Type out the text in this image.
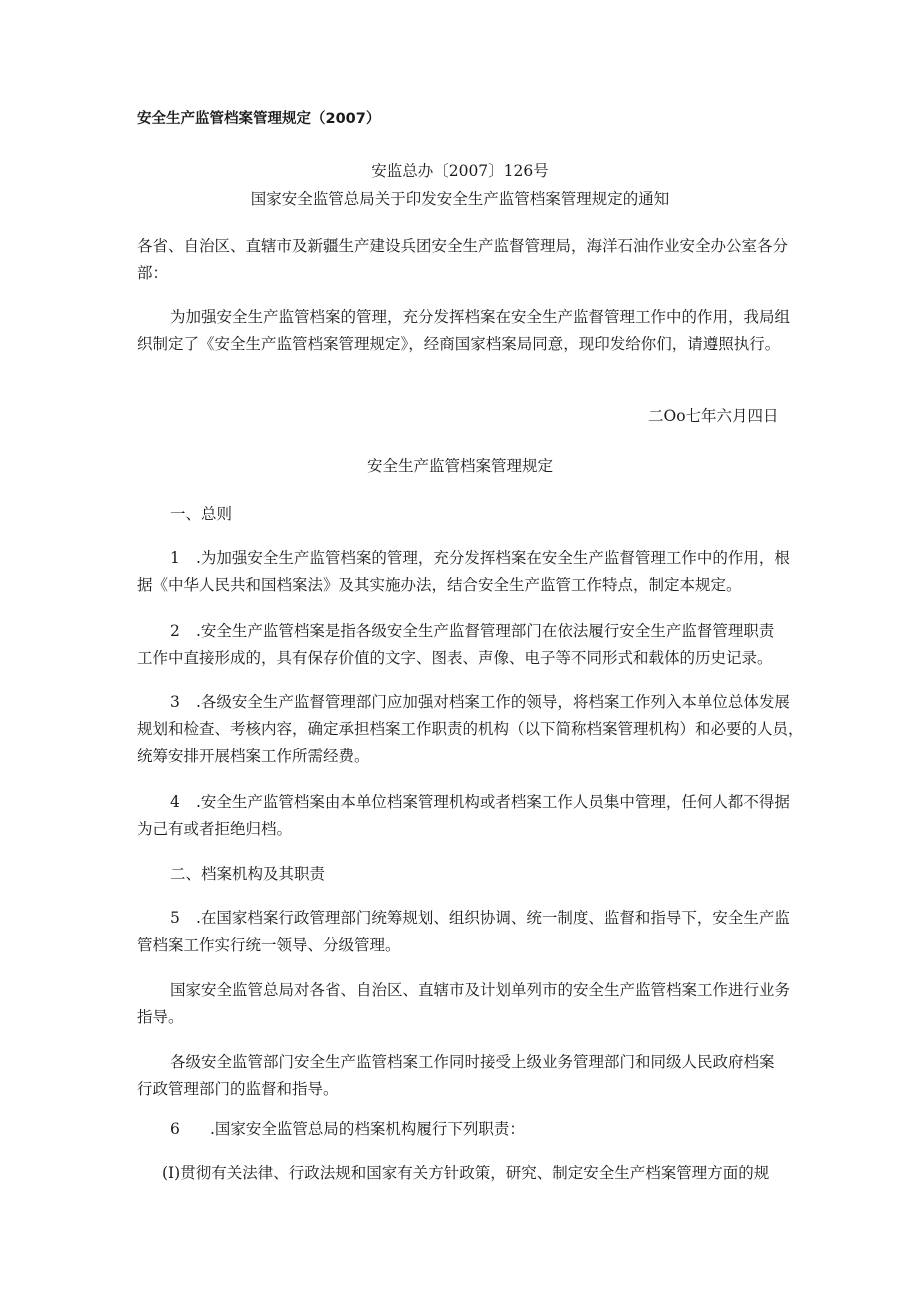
安全生产监管档案管理规定（2007）
安监总办〔2007〕126号
国家安全监管总局关于印发安全生产监管档案管理规定的通知
各省、自治区、直辖市及新疆生产建设兵团安全生产监督管理局，海洋石油作业安全办公室各分
部：
为加强安全生产监管档案的管理，充分发挥档案在安全生产监督管理工作中的作用，我局组
织制定了《安全生产监管档案管理规定》，经商国家档案局同意，现印发给你们，请遵照执行。
二Oo七年六月四日
安全生产监管档案管理规定
一、总则
1 .为加强安全生产监管档案的管理，充分发挥档案在安全生产监督管理工作中的作用，根
据《中华人民共和国档案法》及其实施办法，结合安全生产监管工作特点，制定本规定。
2 .安全生产监管档案是指各级安全生产监督管理部门在依法履行安全生产监督管理职责
工作中直接形成的，具有保存价值的文字、图表、声像、电子等不同形式和载体的历史记录。
3 .各级安全生产监督管理部门应加强对档案工作的领导，将档案工作列入本单位总体发展
规划和检查、考核内容，确定承担档案工作职责的机构（以下简称档案管理机构）和必要的人员，
统筹安排开展档案工作所需经费。
4 .安全生产监管档案由本单位档案管理机构或者档案工作人员集中管理，任何人都不得据
为己有或者拒绝归档。
二、档案机构及其职责
5 .在国家档案行政管理部门统筹规划、组织协调、统一制度、监督和指导下，安全生产监
管档案工作实行统一领导、分级管理。
国家安全监管总局对各省、自治区、直辖市及计划单列市的安全生产监管档案工作进行业务
指导。
各级安全监管部门安全生产监管档案工作同时接受上级业务管理部门和同级人民政府档案
行政管理部门的监督和指导。
6 .国家安全监管总局的档案机构履行下列职责：
(I)贯彻有关法律、行政法规和国家有关方针政策，研究、制定安全生产档案管理方面的规
